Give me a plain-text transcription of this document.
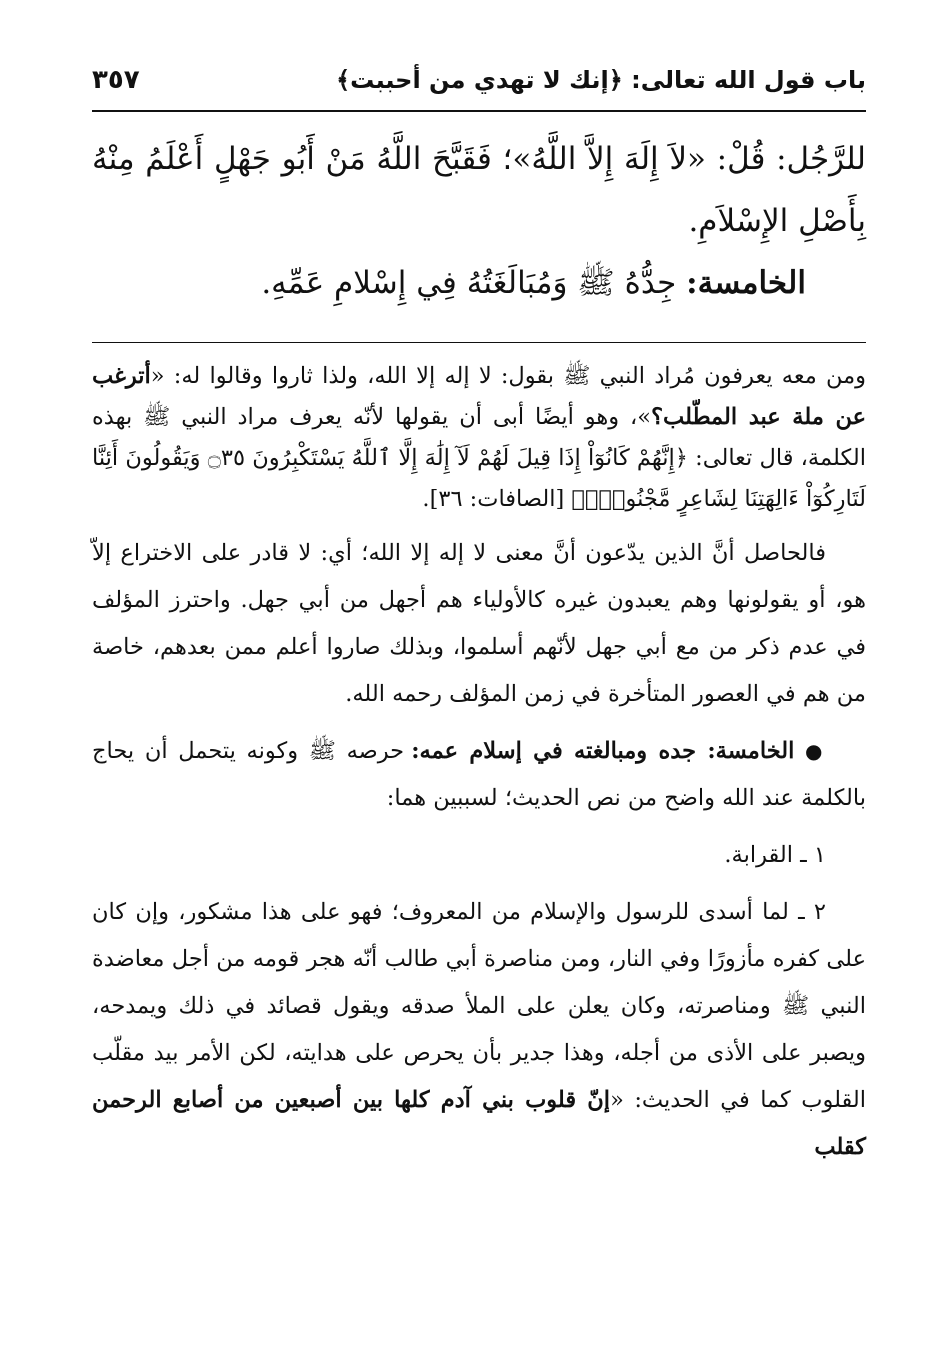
باب قول الله تعالى: ﴿إنك لا تهدي من أحببت﴾
٣٥٧

للرَّجُل: قُلْ: «لاَ إِلَهَ إِلاَّ اللَّهُ»؛ فَقَبَّحَ اللَّهُ مَنْ أَبُو جَهْلٍ أَعْلَمُ مِنْهُ بِأَصْلِ الإِسْلاَمِ.

الخامسة: جِدُّهُ ﷺ وَمُبَالَغَتُهُ فِي إِسْلامِ عَمِّهِ.

ومن معه يعرفون مُراد النبي ﷺ بقول: لا إله إلا الله، ولذا ثاروا وقالوا له: «أترغب عن ملة عبد المطّلب؟»، وهو أيضًا أبى أن يقولها لأنّه يعرف مراد النبي ﷺ بهذه الكلمة، قال تعالى: ﴿إِنَّهُمْ كَانُوٓاْ إِذَا قِيلَ لَهُمْ لَآ إِلَٰهَ إِلَّا ٱللَّهُ يَسْتَكْبِرُونَ ۝٣٥ وَيَقُولُونَ أَئِنَّا لَتَارِكُوٓاْ ءَالِهَتِنَا لِشَاعِرٍ مَّجْنُونٍۭ﴾ [الصافات: ٣٦].

فالحاصل أنَّ الذين يدّعون أنَّ معنى لا إله إلا الله؛ أي: لا قادر على الاختراع إلاّ هو، أو يقولونها وهم يعبدون غيره كالأولياء هم أجهل من أبي جهل. واحترز المؤلف في عدم ذكر من مع أبي جهل لأنّهم أسلموا، وبذلك صاروا أعلم ممن بعدهم، خاصة من هم في العصور المتأخرة في زمن المؤلف رحمه الله.

● الخامسة: جده ومبالغته في إسلام عمه: حرصه ﷺ وكونه يتحمل أن يحاج بالكلمة عند الله واضح من نص الحديث؛ لسببين هما:

١ ـ القرابة.

٢ ـ لما أسدى للرسول والإسلام من المعروف؛ فهو على هذا مشكور، وإن كان على كفره مأزورًا وفي النار، ومن مناصرة أبي طالب أنّه هجر قومه من أجل معاضدة النبي ﷺ ومناصرته، وكان يعلن على الملأ صدقه ويقول قصائد في ذلك ويمدحه، ويصبر على الأذى من أجله، وهذا جدير بأن يحرص على هدايته، لكن الأمر بيد مقلّب القلوب كما في الحديث: «إنّ قلوب بني آدم كلها بين أصبعين من أصابع الرحمن كقلب
